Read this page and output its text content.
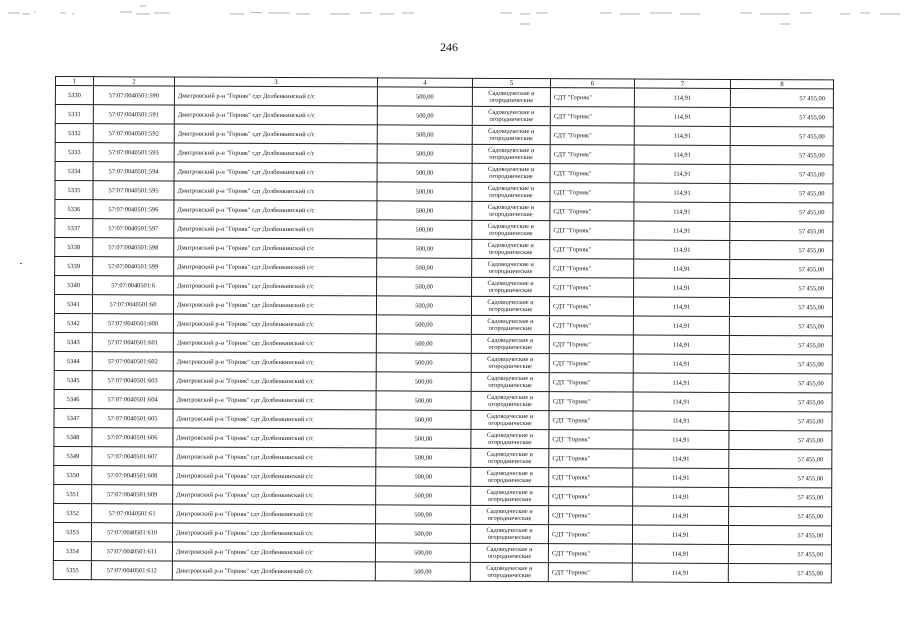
246
1	2	3	4	5	6	7	8
5330	57:07:0040501:590	Дмитровский р-н "Горняк" сдт Долбенкинский с/с	500,00	Садоводческие и огороднические	СДТ "Горняк"	114,91	57 455,00
5331	57:07:0040501:591	Дмитровский р-н "Горняк" сдт Долбенкинский с/с	500,00	Садоводческие и огороднические	СДТ "Горняк"	114,91	57 455,00
5332	57:07:0040501:592	Дмитровский р-н "Горняк" сдт Долбенкинский с/с	500,00	Садоводческие и огороднические	СДТ "Горняк"	114,91	57 455,00
5333	57:07:0040501:593	Дмитровский р-н "Горняк" сдт Долбенкинский с/с	500,00	Садоводческие и огороднические	СДТ "Горняк"	114,91	57 455,00
5334	57:07:0040501:594	Дмитровский р-н "Горняк" сдт Долбенкинский с/с	500,00	Садоводческие и огороднические	СДТ "Горняк"	114,91	57 455,00
5335	57:07:0040501:595	Дмитровский р-н "Горняк" сдт Долбенкинский с/с	500,00	Садоводческие и огороднические	СДТ "Горняк"	114,91	57 455,00
5336	57:07:0040501:596	Дмитровский р-н "Горняк" сдт Долбенкинский с/с	500,00	Садоводческие и огороднические	СДТ "Горняк"	114,91	57 455,00
5337	57:07:0040501:597	Дмитровский р-н "Горняк" сдт Долбенкинский с/с	500,00	Садоводческие и огороднические	СДТ "Горняк"	114,91	57 455,00
5338	57:07:0040501:598	Дмитровский р-н "Горняк" сдт Долбенкинский с/с	500,00	Садоводческие и огороднические	СДТ "Горняк"	114,91	57 455,00
5339	57:07:0040501:599	Дмитровский р-н "Горняк" сдт Долбенкинский с/с	500,00	Садоводческие и огороднические	СДТ "Горняк"	114,91	57 455,00
5340	57:07:0040501:6	Дмитровский р-н "Горняк" сдт Долбенкинский с/с	500,00	Садоводческие и огороднические	СДТ "Горняк"	114,91	57 455,00
5341	57:07:0040501:60	Дмитровский р-н "Горняк" сдт Долбенкинский с/с	500,00	Садоводческие и огороднические	СДТ "Горняк"	114,91	57 455,00
5342	57:07:0040501:600	Дмитровский р-н "Горняк" сдт Долбенкинский с/с	500,00	Садоводческие и огороднические	СДТ "Горняк"	114,91	57 455,00
5343	57:07:0040501:601	Дмитровский р-н "Горняк" сдт Долбенкинский с/с	500,00	Садоводческие и огороднические	СДТ "Горняк"	114,91	57 455,00
5344	57:07:0040501:602	Дмитровский р-н "Горняк" сдт Долбенкинский с/с	500,00	Садоводческие и огороднические	СДТ "Горняк"	114,91	57 455,00
5345	57:07:0040501:603	Дмитровский р-н "Горняк" сдт Долбенкинский с/с	500,00	Садоводческие и огороднические	СДТ "Горняк"	114,91	57 455,00
5346	57:07:0040501:604	Дмитровский р-н "Горняк" сдт Долбенкинский с/с	500,00	Садоводческие и огороднические	СДТ "Горняк"	114,91	57 455,00
5347	57:07:0040501:605	Дмитровский р-н "Горняк" сдт Долбенкинский с/с	500,00	Садоводческие и огороднические	СДТ "Горняк"	114,91	57 455,00
5348	57:07:0040501:606	Дмитровский р-н "Горняк" сдт Долбенкинский с/с	500,00	Садоводческие и огороднические	СДТ "Горняк"	114,91	57 455,00
5349	57:07:0040501:607	Дмитровский р-н "Горняк" сдт Долбенкинский с/с	500,00	Садоводческие и огороднические	СДТ "Горняк"	114,91	57 455,00
5350	57:07:0040501:608	Дмитровский р-н "Горняк" сдт Долбенкинский с/с	500,00	Садоводческие и огороднические	СДТ "Горняк"	114,91	57 455,00
5351	57:07:0040501:609	Дмитровский р-н "Горняк" сдт Долбенкинский с/с	500,00	Садоводческие и огороднические	СДТ "Горняк"	114,91	57 455,00
5352	57:07:0040501:61	Дмитровский р-н "Горняк" сдт Долбенкинский с/с	500,00	Садоводческие и огороднические	СДТ "Горняк"	114,91	57 455,00
5353	57:07:0040501:610	Дмитровский р-н "Горняк" сдт Долбенкинский с/с	500,00	Садоводческие и огороднические	СДТ "Горняк"	114,91	57 455,00
5354	57:07:0040501:611	Дмитровский р-н "Горняк" сдт Долбенкинский с/с	500,00	Садоводческие и огороднические	СДТ "Горняк"	114,91	57 455,00
5355	57:07:0040501:612	Дмитровский р-н "Горняк" сдт Долбенкинский с/с	500,00	Садоводческие и огороднические	СДТ "Горняк"	114,91	57 455,00
